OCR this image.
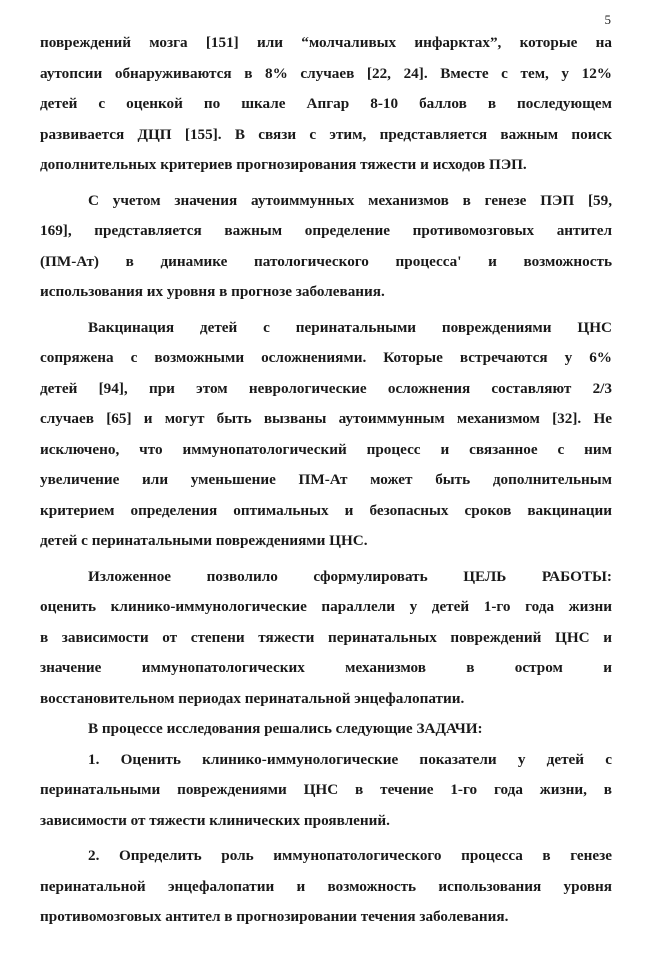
5
повреждений мозга [151] или “молчаливых инфарктах”, которые на
аутопсии обнаруживаются в 8% случаев [22, 24]. Вместе с тем, у 12%
детей с оценкой по шкале Апгар 8-10 баллов в последующем
развивается ДЦП [155]. В связи с этим, представляется важным поиск
дополнительных критериев прогнозирования тяжести и исходов ПЭП.
С учетом значения аутоиммунных механизмов в генезе ПЭП [59,
169], представляется важным определение противомозговых антител
(ПМ-Ат) в динамике патологического процесса' и возможность
использования их уровня в прогнозе заболевания.
Вакцинация детей с перинатальными повреждениями ЦНС
сопряжена с возможными осложнениями. Которые встречаются у 6%
детей [94], при этом неврологические осложнения составляют 2/3
случаев [65] и могут быть вызваны аутоиммунным механизмом [32]. Не
исключено, что иммунопатологический процесс и связанное с ним
увеличение или уменьшение ПМ-Ат может быть дополнительным
критерием определения оптимальных и безопасных сроков вакцинации
детей с перинатальными повреждениями ЦНС.
Изложенное позволило сформулировать ЦЕЛЬ РАБОТЫ:
оценить клинико-иммунологические параллели у детей 1-го года жизни
в зависимости от степени тяжести перинатальных повреждений ЦНС и
значение иммунопатологических механизмов в остром и
восстановительном периодах перинатальной энцефалопатии.
В процессе исследования решались следующие ЗАДАЧИ:
1. Оценить клинико-иммунологические показатели у детей с
перинатальными повреждениями ЦНС в течение 1-го года жизни, в
зависимости от тяжести клинических проявлений.
2. Определить роль иммунопатологического процесса в генезе
перинатальной энцефалопатии и возможность использования уровня
противомозговых антител в прогнозировании течения заболевания.
